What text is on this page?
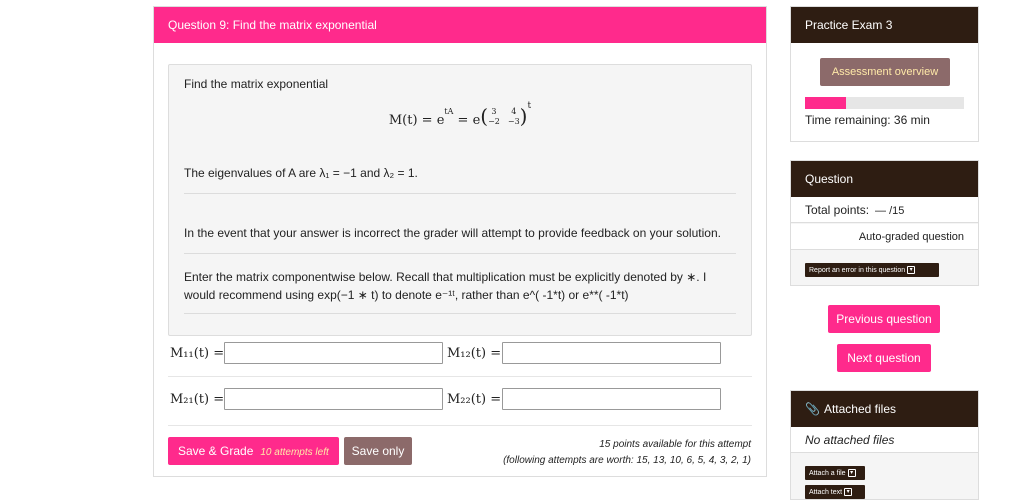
Question 9: Find the matrix exponential
Find the matrix exponential
M(t) = etA = e( 3	4
−2 −3 )t
The eigenvalues of A are λ₁ = −1 and λ₂ = 1.
In the event that your answer is incorrect the grader will attempt to provide feedback on your solution.
Enter the matrix componentwise below. Recall that multiplication must be explicitly denoted by ∗. I would recommend using exp(−1 ∗ t) to denote e⁻¹ᵗ, rather than e^( -1*t) or e**( -1*t)
M₁₁(t) =	M₁₂(t) =
M₂₁(t) =	M₂₂(t) =
Save & Grade 10 attempts left	Save only	15 points available for this attempt
(following attempts are worth: 15, 13, 10, 6, 5, 4, 3, 2, 1)
Practice Exam 3
Assessment overview
Time remaining: 36 min
Question
Total points: — /15
Auto-graded question
Report an error in this question ▾
Previous question
Next question
📎 Attached files
No attached files
Attach a file ▾
Attach text ▾
